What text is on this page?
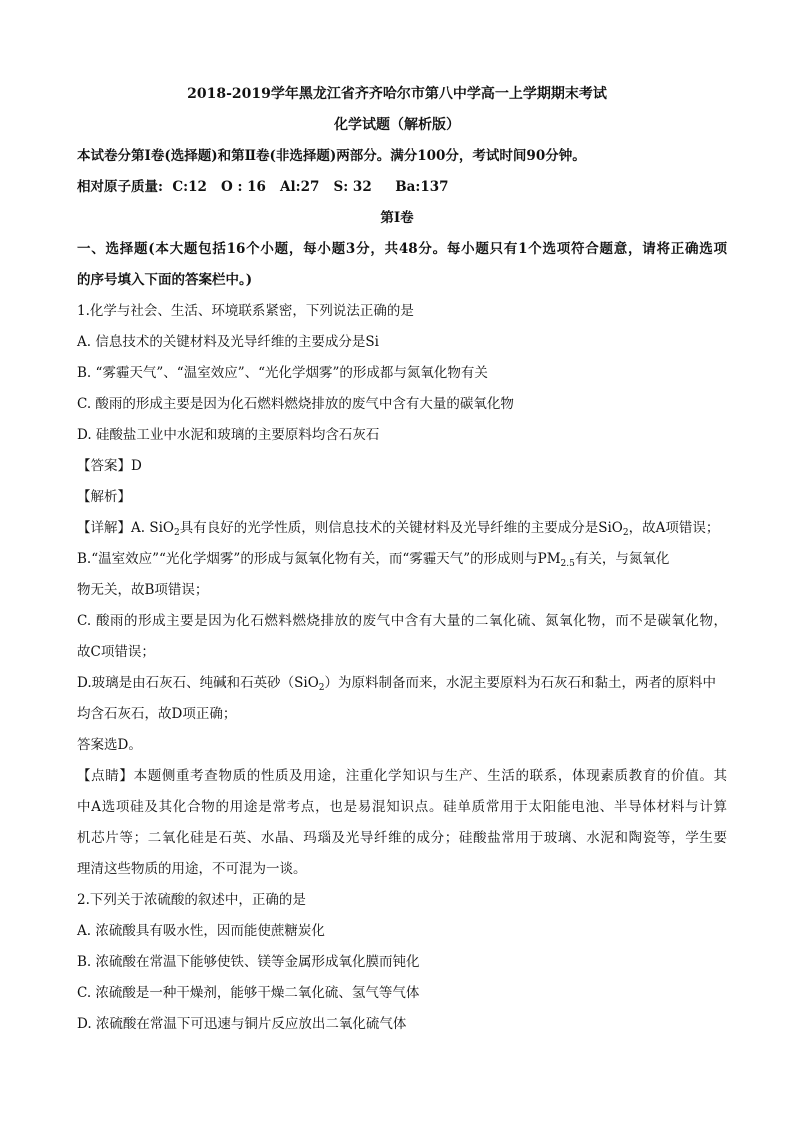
2018-2019学年黑龙江省齐齐哈尔市第八中学高一上学期期末考试
化学试题（解析版）
本试卷分第Ⅰ卷(选择题)和第Ⅱ卷(非选择题)两部分。满分100分，考试时间90分钟。
相对原子质量:  C:12   O : 16   Al:27   S: 32     Ba:137
第Ⅰ卷
一、选择题(本大题包括16个小题，每小题3分，共48分。每小题只有1个选项符合题意，请将正确选项
的序号填入下面的答案栏中。)
1.化学与社会、生活、环境联系紧密，下列说法正确的是
A. 信息技术的关键材料及光导纤维的主要成分是Si
B. “雾霾天气”、“温室效应”、“光化学烟雾”的形成都与氮氧化物有关
C. 酸雨的形成主要是因为化石燃料燃烧排放的废气中含有大量的碳氧化物
D. 硅酸盐工业中水泥和玻璃的主要原料均含石灰石
【答案】D
【解析】
【详解】A. SiO$_2$具有良好的光学性质，则信息技术的关键材料及光导纤维的主要成分是SiO$_2$，故A项错误；
B.“温室效应”“光化学烟雾”的形成与氮氧化物有关，而“雾霾天气”的形成则与$PM_{2.5}$有关，与氮氧化
物无关，故B项错误；
C. 酸雨的形成主要是因为化石燃料燃烧排放的废气中含有大量的二氧化硫、氮氧化物，而不是碳氧化物，
故C项错误；
D.玻璃是由石灰石、纯碱和石英砂（SiO$_2$）为原料制备而来，水泥主要原料为石灰石和黏土，两者的原料中
均含石灰石，故D项正确；
答案选D。
【点睛】本题侧重考查物质的性质及用途，注重化学知识与生产、生活的联系，体现素质教育的价值。其
中A选项硅及其化合物的用途是常考点，也是易混知识点。硅单质常用于太阳能电池、半导体材料与计算
机芯片等；二氧化硅是石英、水晶、玛瑙及光导纤维的成分；硅酸盐常用于玻璃、水泥和陶瓷等，学生要
理清这些物质的用途，不可混为一谈。
2.下列关于浓硫酸的叙述中，正确的是
A. 浓硫酸具有吸水性，因而能使蔗糖炭化
B. 浓硫酸在常温下能够使铁、镁等金属形成氧化膜而钝化
C. 浓硫酸是一种干燥剂，能够干燥二氧化硫、氢气等气体
D. 浓硫酸在常温下可迅速与铜片反应放出二氧化硫气体
